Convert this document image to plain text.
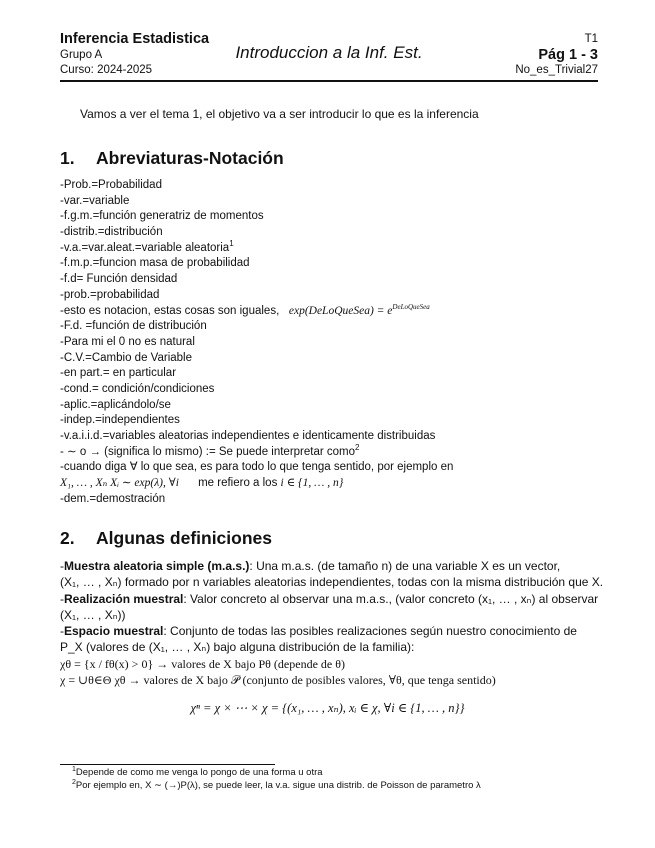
Inferencia Estadistica
Grupo A
Curso: 2024-2025
Introduccion a la Inf. Est.
T1
Pág 1 - 3
No_es_Trivial27
Vamos a ver el tema 1, el objetivo va a ser introducir lo que es la inferencia
1. Abreviaturas-Notación
-Prob.=Probabilidad
-var.=variable
-f.g.m.=función generatriz de momentos
-distrib.=distribución
-v.a.=var.aleat.=variable aleatoria$^1$
-f.m.p.=funcion masa de probabilidad
-f.d= Función densidad
-prob.=probabilidad
-esto es notacion, estas cosas son iguales, exp(DeLoQueSea) = $e^{DeLoQueSea}$
-F.d. =función de distribución
-Para mi el 0 no es natural
-C.V.=Cambio de Variable
-en part.= en particular
-cond.= condición/condiciones
-aplic.=aplicándolo/se
-indep.=independientes
-v.a.i.i.d.=variables aleatorias independientes e identicamente distribuidas
- ∼ o → (significa lo mismo) := Se puede interpretar como$^2$
-cuando diga ∀ lo que sea, es para todo lo que tenga sentido, por ejemplo en
X₁, … , Xₙ Xᵢ ∼ exp(λ), ∀i me refiero a los i ∈ {1, … , n}
-dem.=demostración
2. Algunas definiciones
-Muestra aleatoria simple (m.a.s.): Una m.a.s. (de tamaño n) de una variable X es un vector,
(X₁, … , Xₙ) formado por n variables aleatorias independientes, todas con la misma distribución que X.
-Realización muestral: Valor concreto al observar una m.a.s., (valor concreto (x₁, … , xₙ) al observar
(X₁, … , Xₙ))
-Espacio muestral: Conjunto de todas las posibles realizaciones según nuestro conocimiento de
P_X (valores de (X₁, … , Xₙ) bajo alguna distribución de la familia):
χθ = {x / fθ(x) > 0} → valores de X bajo Pθ (depende de θ)
χ = ∪θ∈Θ χθ → valores de X bajo 𝒫 (conjunto de posibles valores, ∀θ, que tenga sentido)
χⁿ = χ × ⋯ × χ = {(x₁, … , xₙ), xᵢ ∈ χ, ∀i ∈ {1, … , n}}
$^1$Depende de como me venga lo pongo de una forma u otra
$^2$Por ejemplo en, X ∼ (→)P(λ), se puede leer, la v.a. sigue una distrib. de Poisson de parametro λ
